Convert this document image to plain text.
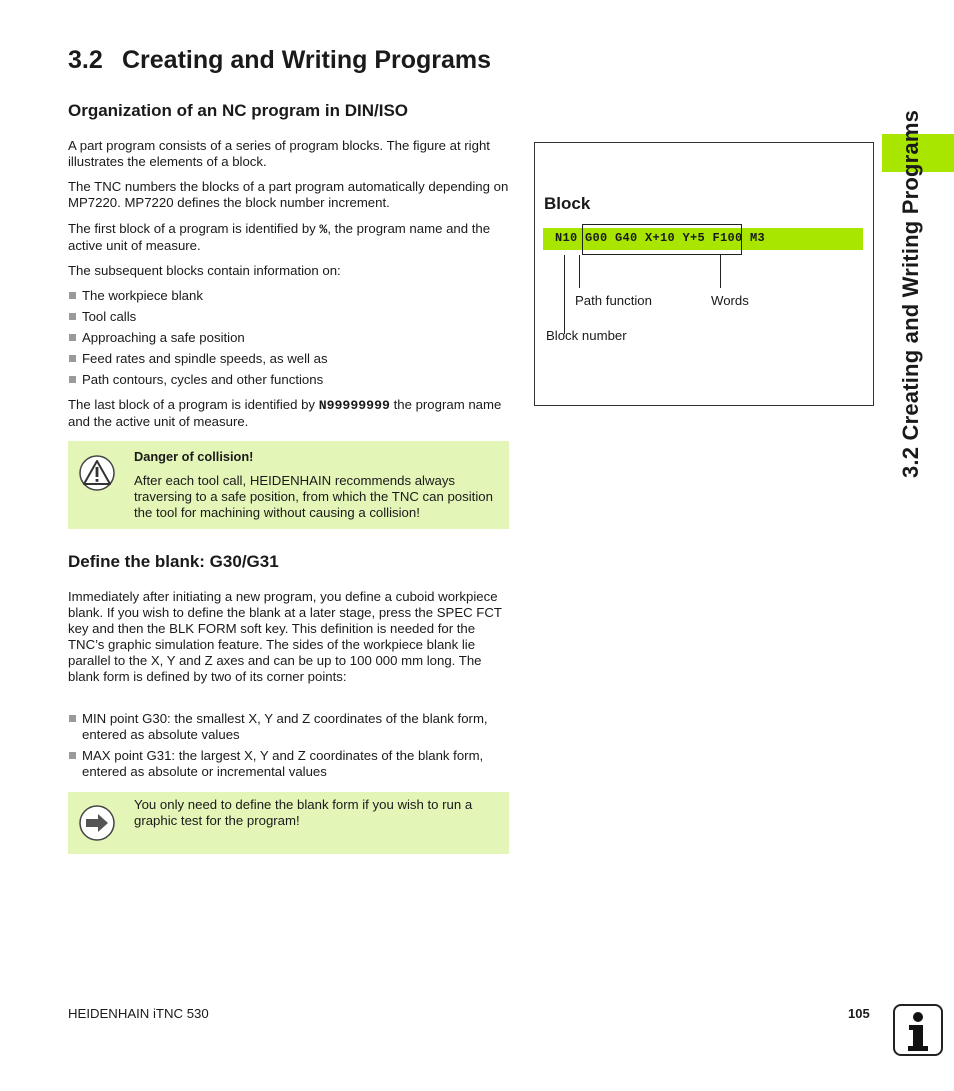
3.2 Creating and Writing Programs
Organization of an NC program in DIN/ISO

A part program consists of a series of program blocks. The figure at right illustrates the elements of a block.

The TNC numbers the blocks of a part program automatically depending on MP7220. MP7220 defines the block number increment.

The first block of a program is identified by %, the program name and the active unit of measure.

The subsequent blocks contain information on:

The workpiece blank
Tool calls
Approaching a safe position
Feed rates and spindle speeds, as well as
Path contours, cycles and other functions

The last block of a program is identified by N99999999 the program name and the active unit of measure.

Danger of collision!
After each tool call, HEIDENHAIN recommends always traversing to a safe position, from which the TNC can position the tool for machining without causing a collision!
Define the blank: G30/G31

Immediately after initiating a new program, you define a cuboid workpiece blank. If you wish to define the blank at a later stage, press the SPEC FCT key and then the BLK FORM soft key. This definition is needed for the TNC’s graphic simulation feature. The sides of the workpiece blank lie parallel to the X, Y and Z axes and can be up to 100 000 mm long. The blank form is defined by two of its corner points:

MIN point G30: the smallest X, Y and Z coordinates of the blank form, entered as absolute values
MAX point G31: the largest X, Y and Z coordinates of the blank form, entered as absolute or incremental values
You only need to define the blank form if you wish to run a graphic test for the program!
Block
N10 G00 G40 X+10 Y+5 F100 M3
Path function	Words
Block number	3.2 Creating and Writing Programs
HEIDENHAIN iTNC 530	105
